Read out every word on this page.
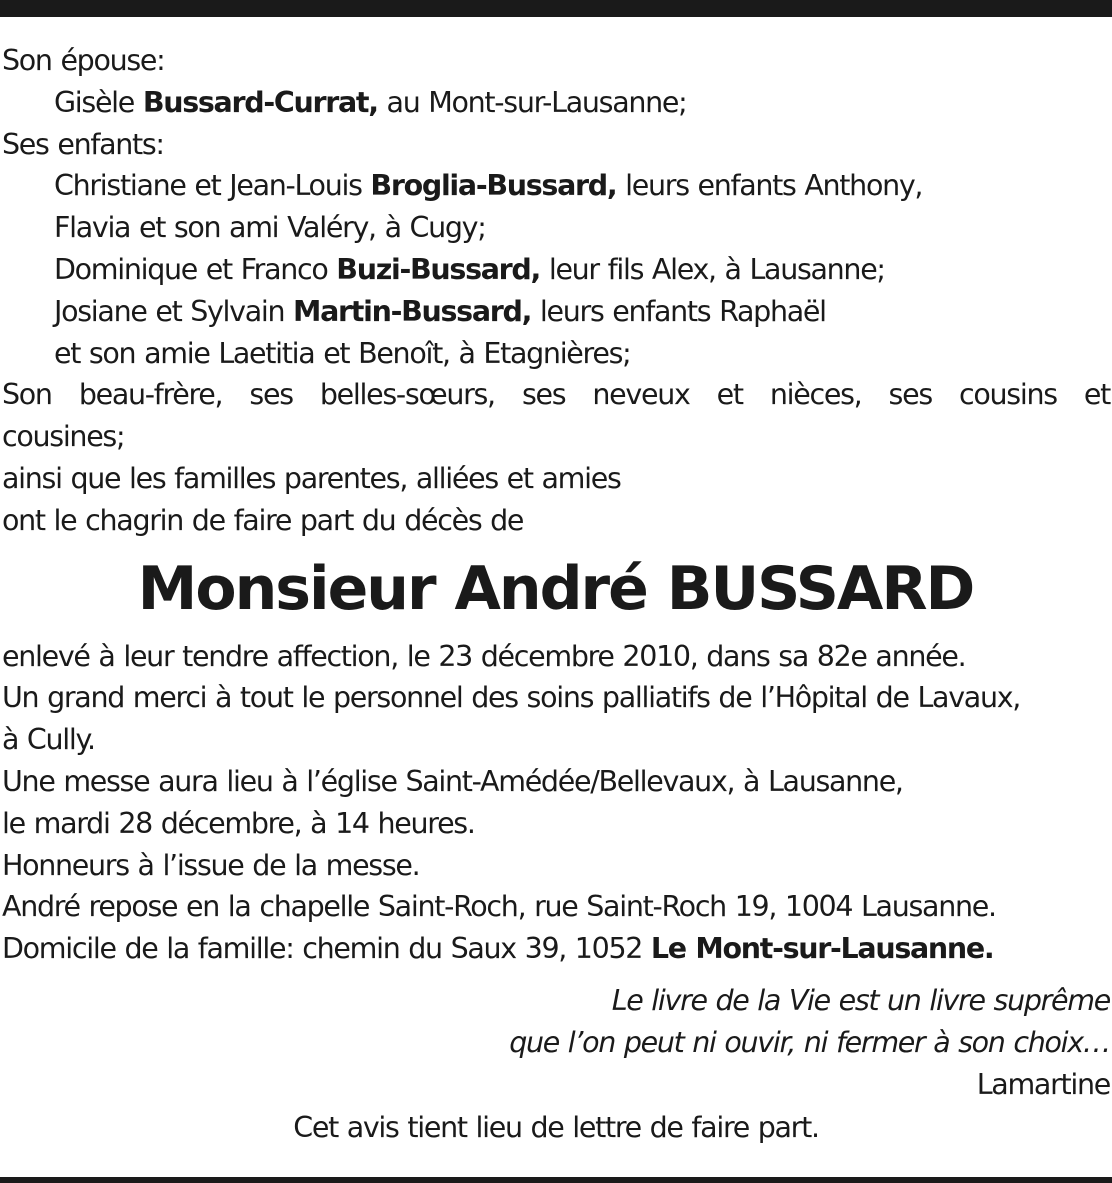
Son épouse:
Gisèle Bussard-Currat, au Mont-sur-Lausanne;
Ses enfants:
Christiane et Jean-Louis Broglia-Bussard, leurs enfants Anthony,
Flavia et son ami Valéry, à Cugy;
Dominique et Franco Buzi-Bussard, leur fils Alex, à Lausanne;
Josiane et Sylvain Martin-Bussard, leurs enfants Raphaël
et son amie Laetitia et Benoît, à Etagnières;
Son beau-frère, ses belles-sœurs, ses neveux et nièces, ses cousins et
cousines;
ainsi que les familles parentes, alliées et amies
ont le chagrin de faire part du décès de
Monsieur André BUSSARD
enlevé à leur tendre affection, le 23 décembre 2010, dans sa 82e année.
Un grand merci à tout le personnel des soins palliatifs de l’Hôpital de Lavaux,
à Cully.
Une messe aura lieu à l’église Saint-Amédée/Bellevaux, à Lausanne,
le mardi 28 décembre, à 14 heures.
Honneurs à l’issue de la messe.
André repose en la chapelle Saint-Roch, rue Saint-Roch 19, 1004 Lausanne.
Domicile de la famille: chemin du Saux 39, 1052 Le Mont-sur-Lausanne.
Le livre de la Vie est un livre suprême
que l’on peut ni ouvir, ni fermer à son choix…
Lamartine
Cet avis tient lieu de lettre de faire part.
